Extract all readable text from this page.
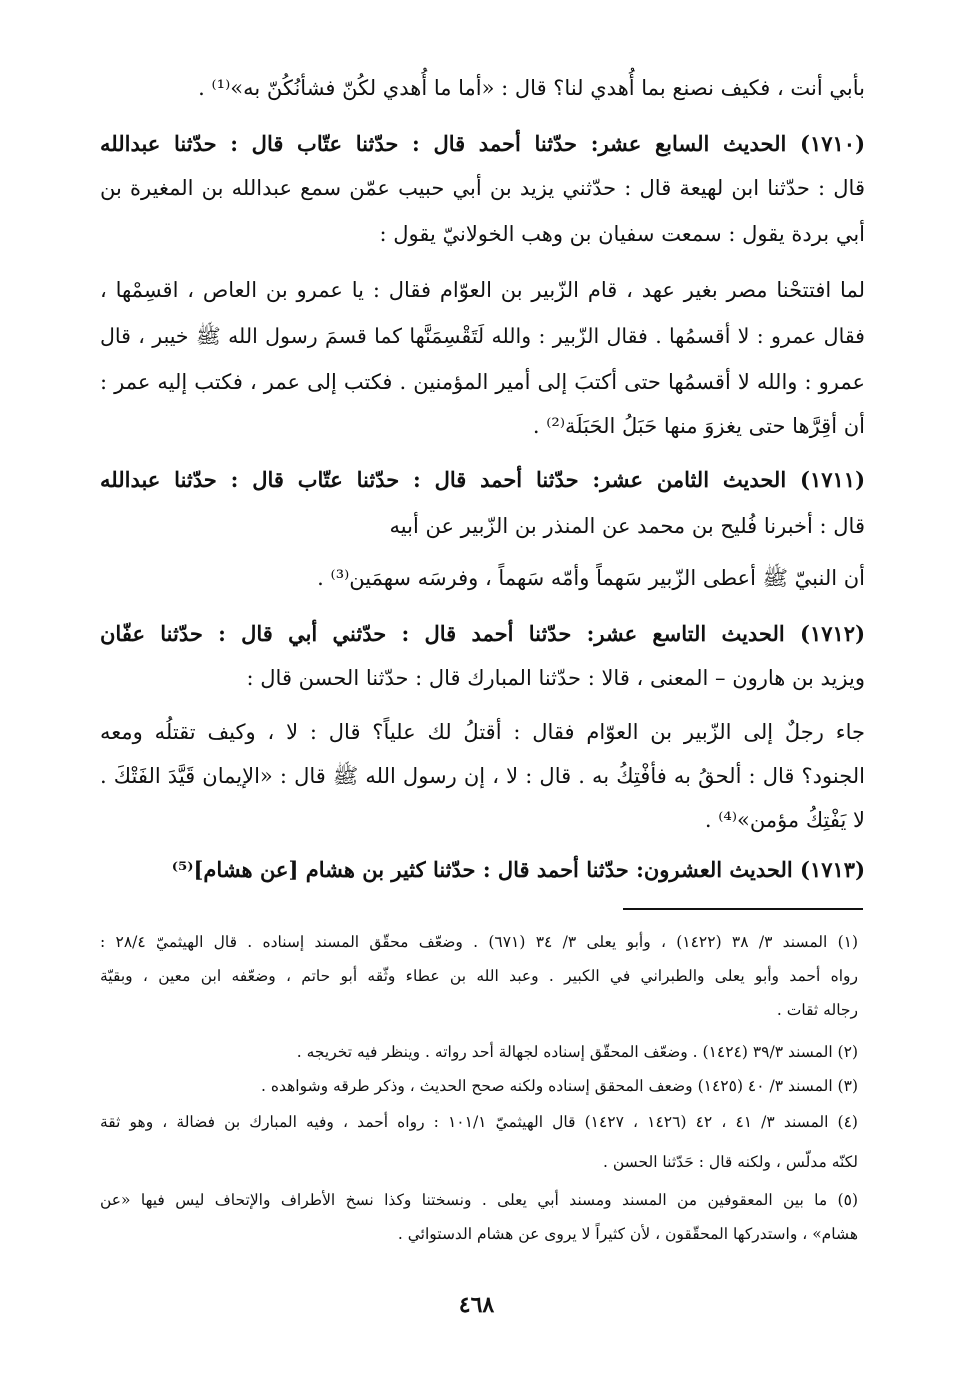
بأبي أنت ، فكيف نصنع بما أُهدي لنا؟ قال : «أما ما أُهدي لكُنّ فشأنُكُنّ به»⁽¹⁾ .
(١٧١٠) الحديث السابع عشر: حدّثنا أحمد قال : حدّثنا عتّاب قال : حدّثنا عبدالله
قال : حدّثنا ابن لهيعة قال : حدّثني يزيد بن أبي حبيب عمّن سمع عبدالله بن المغيرة بن
أبي بردة يقول : سمعت سفيان بن وهب الخولانيّ يقول :
لما افتتحْنا مصر بغير عهد ، قام الزّبير بن العوّام فقال : يا عمرو بن العاص ، اقسِمْها ،
فقال عمرو : لا أقسمُها . فقال الزّبير : والله لَتَقْسِمَنَّها كما قسمَ رسول الله ﷺ خيبر ، قال
عمرو : والله لا أقسمُها حتى أكتبَ إلى أمير المؤمنين . فكتب إلى عمر ، فكتب إليه عمر :
أن أقِرَّها حتى يغزوَ منها حَبَلُ الحَبَلَة⁽²⁾ .
(١٧١١) الحديث الثامن عشر: حدّثنا أحمد قال : حدّثنا عتّاب قال : حدّثنا عبدالله
قال : أخبرنا فُليح بن محمد عن المنذر بن الزّبير عن أبيه
أن النبيّ ﷺ أعطى الزّبير سَهماً وأمّه سَهماً ، وفرسَه سهمَين⁽³⁾ .
(١٧١٢) الحديث التاسع عشر: حدّثنا أحمد قال : حدّثني أبي قال : حدّثنا عفّان
ويزيد بن هارون – المعنى ، قالا : حدّثنا المبارك قال : حدّثنا الحسن قال :
جاء رجلٌ إلى الزّبير بن العوّام فقال : أقتلُ لك علياً؟ قال : لا ، وكيف تقتلُه ومعه
الجنود؟ قال : ألحقُ به فأفْتِكُ به . قال : لا ، إن رسول الله ﷺ قال : «الإيمان قَيَّدَ الفَتْكَ .
لا يَفْتِكُ مؤمن»⁽⁴⁾ .
(١٧١٣) الحديث العشرون: حدّثنا أحمد قال : حدّثنا كثير بن هشام [عن هشام]⁽⁵⁾
(١) المسند ٣/ ٣٨ (١٤٢٢) ، وأبو يعلى ٣/ ٣٤ (٦٧١) . وضعّف محقّق المسند إسناده . قال الهيثميّ ٢٨/٤ :
رواه أحمد وأبو يعلى والطبراني في الكبير . وعبد الله بن عطاء وثّقه أبو حاتم ، وضعّفه ابن معين ، وبقيّة
رجاله ثقات .
(٢) المسند ٣٩/٣ (١٤٢٤) . وضعّف المحقّق إسناده لجهالة أحد رواته . وينظر فيه تخريجه .
(٣) المسند ٣/ ٤٠ (١٤٢٥) وضعف المحقق إسناده ولكنه صحح الحديث ، وذكر طرقه وشواهده .
(٤) المسند ٣/ ٤١ ، ٤٢ (١٤٢٦ ، ١٤٢٧) قال الهيثميّ ١٠١/١ : رواه أحمد ، وفيه المبارك بن فضالة ، وهو ثقة
لكنّه مدلّس ، ولكنه قال : حَدّثنا الحسن .
(٥) ما بين المعقوفين من المسند ومسند أبي يعلى . ونسختنا وكذا نسخ الأطراف والإتحاف ليس فيها «عن
هشام» ، واستدركها المحقّقون ، لأن كثيراً لا يروى عن هشام الدستوائي .
٤٦٨
